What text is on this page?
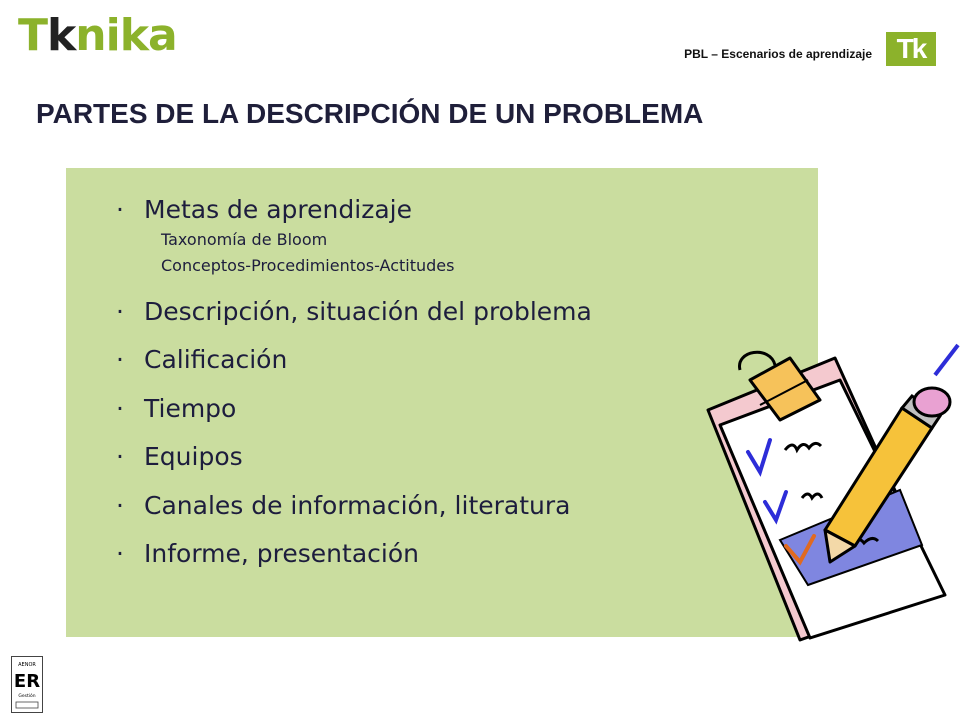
Tknika	PBL – Escenarios de aprendizaje Tk
PARTES DE LA DESCRIPCIÓN DE UN PROBLEMA
· Metas de aprendizaje
Taxonomía de Bloom
Conceptos-Procedimientos-Actitudes
· Descripción, situación del problema
· Calificación
· Tiempo
· Equipos
· Canales de información, literatura
· Informe, presentación
AENOR
ER
Gestión
